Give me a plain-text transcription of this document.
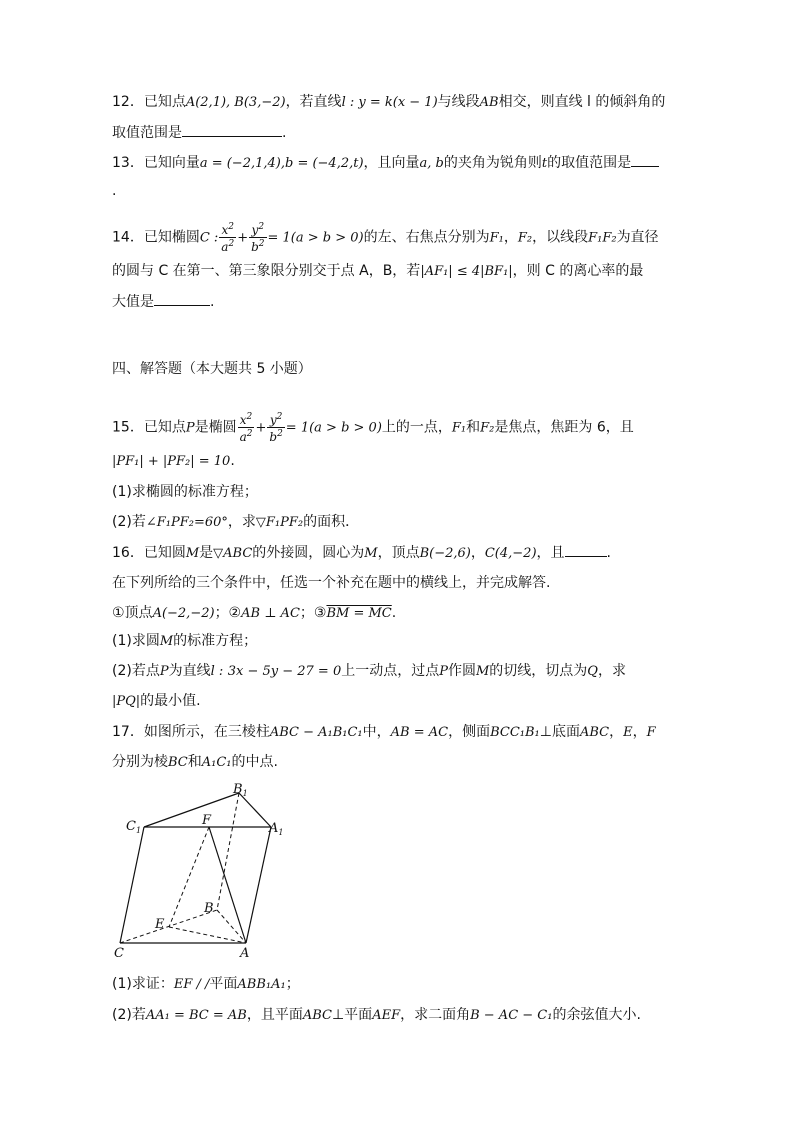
12．已知点A(2,1), B(3,−2)，若直线l : y = k(x − 1)与线段AB相交，则直线 l 的倾斜角的
取值范围是	.
13．已知向量a = (−2,1,4),b = (−4,2,t)，且向量a, b的夹角为锐角则t的取值范围是
.
14．已知椭圆C : $\frac{x^2}{a^2} + \frac{y^2}{b^2} = 1(a > b > 0)$的左、右焦点分别为F₁，F₂，以线段F₁F₂为直径
的圆与 C 在第一、第三象限分别交于点 A，B，若|AF₁| ≤ 4|BF₁|，则 C 的离心率的最
大值是	.
四、解答题（本大题共 5 小题）
15．已知点P是椭圆 $\frac{x^2}{a^2} + \frac{y^2}{b^2} = 1(a > b > 0)$上的一点，F₁和F₂是焦点，焦距为 6，且
|PF₁| + |PF₂| = 10.
(1)求椭圆的标准方程；
(2)若∠F₁PF₂=60°，求▽F₁PF₂的面积．
16．已知圆M是▽ABC的外接圆，圆心为M，顶点B(−2,6)，C(4,−2)，且	.
在下列所给的三个条件中，任选一个补充在题中的横线上，并完成解答.
①顶点A(−2,−2)；②AB ⊥ AC；③BM = MC.
(1)求圆M的标准方程；
(2)若点P为直线l : 3x − 5y − 27 = 0上一动点，过点P作圆M的切线，切点为Q，求
|PQ|的最小值.
17．如图所示，在三棱柱ABC − A₁B₁C₁中，AB = AC，侧面BCC₁B₁⊥底面ABC，E，F
分别为棱BC和A₁C₁的中点.
$B_1$
$C_1$	$A_1$
F
B
E
C	A
(1)求证：EF / /平面ABB₁A₁；
(2)若AA₁ = BC = AB，且平面ABC⊥平面AEF，求二面角B − AC − C₁的余弦值大小.
